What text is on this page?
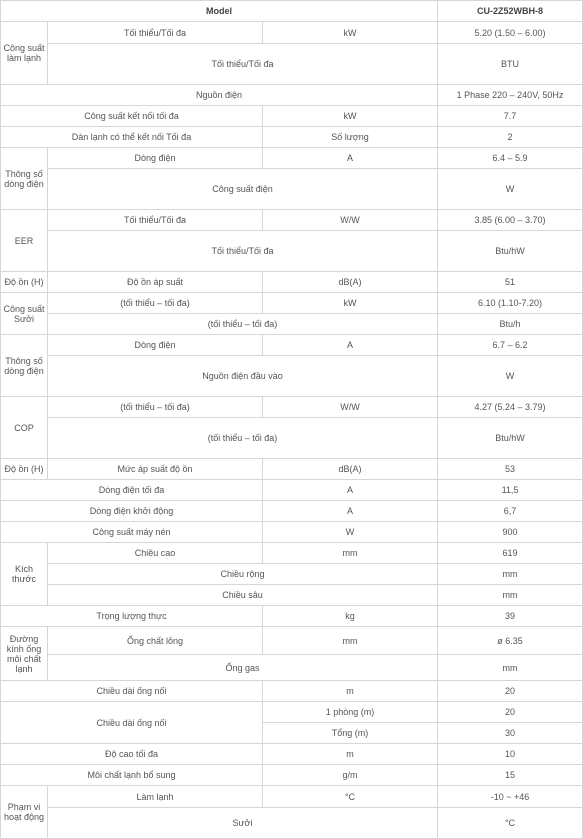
Model			CU-2Z52WBH-8	
Công suất làm lạnh	Tối thiểu/Tối đa	kW	5.20 (1.50 – 6.00)	
	Tối thiểu/Tối đa		BTU	
Nguồn điện			1 Phase 220 – 240V, 50Hz	
Công suất kết nối tối đa		kW	7.7	
Dàn lạnh có thể kết nối Tối đa		Số lượng	2	
Thông số dòng điện	Dòng điện	A	6.4 – 5.9	
	Công suất điện		W	
EER	Tối thiểu/Tối đa	W/W	3.85 (6.00 – 3.70)	
	Tối thiểu/Tối đa		Btu/hW	
Độ ồn (H)	Độ ồn áp suất	dB(A)	51	
Công suất Sưởi	(tối thiểu – tối đa)	kW	6.10 (1.10-7.20)	
	(tối thiểu – tối đa)		Btu/h	
Thông số dòng điện	Dòng điện	A	6.7 – 6.2	
	Nguồn điện đầu vào		W	
COP	(tối thiểu – tối đa)	W/W	4.27 (5.24 – 3.79)	
	(tối thiểu – tối đa)		Btu/hW	
Độ ồn (H)	Mức áp suất độ ồn	dB(A)	53	
Dòng điện tối đa		A	11,5	
Dòng điện khởi động		A	6,7	
Công suất máy nén		W	900	
Kích thước	Chiều cao	mm	619	
	Chiều rộng		mm	
	Chiều sâu		mm	
Trọng lượng thực		kg	39	
Đường kính ống môi chất lạnh	Ống chất lỏng	mm	ø 6.35	
	Ống gas		mm	
Chiều dài ống nối		m	20	
Chiều dài ống nối		1 phòng (m)	20	
		Tổng (m)	30	
Độ cao tối đa		m	10	
Môi chất lạnh bổ sung		g/m	15	
Phạm vi hoạt động	Làm lạnh	°C	-10 ~ +46	
	Sưởi		°C	
